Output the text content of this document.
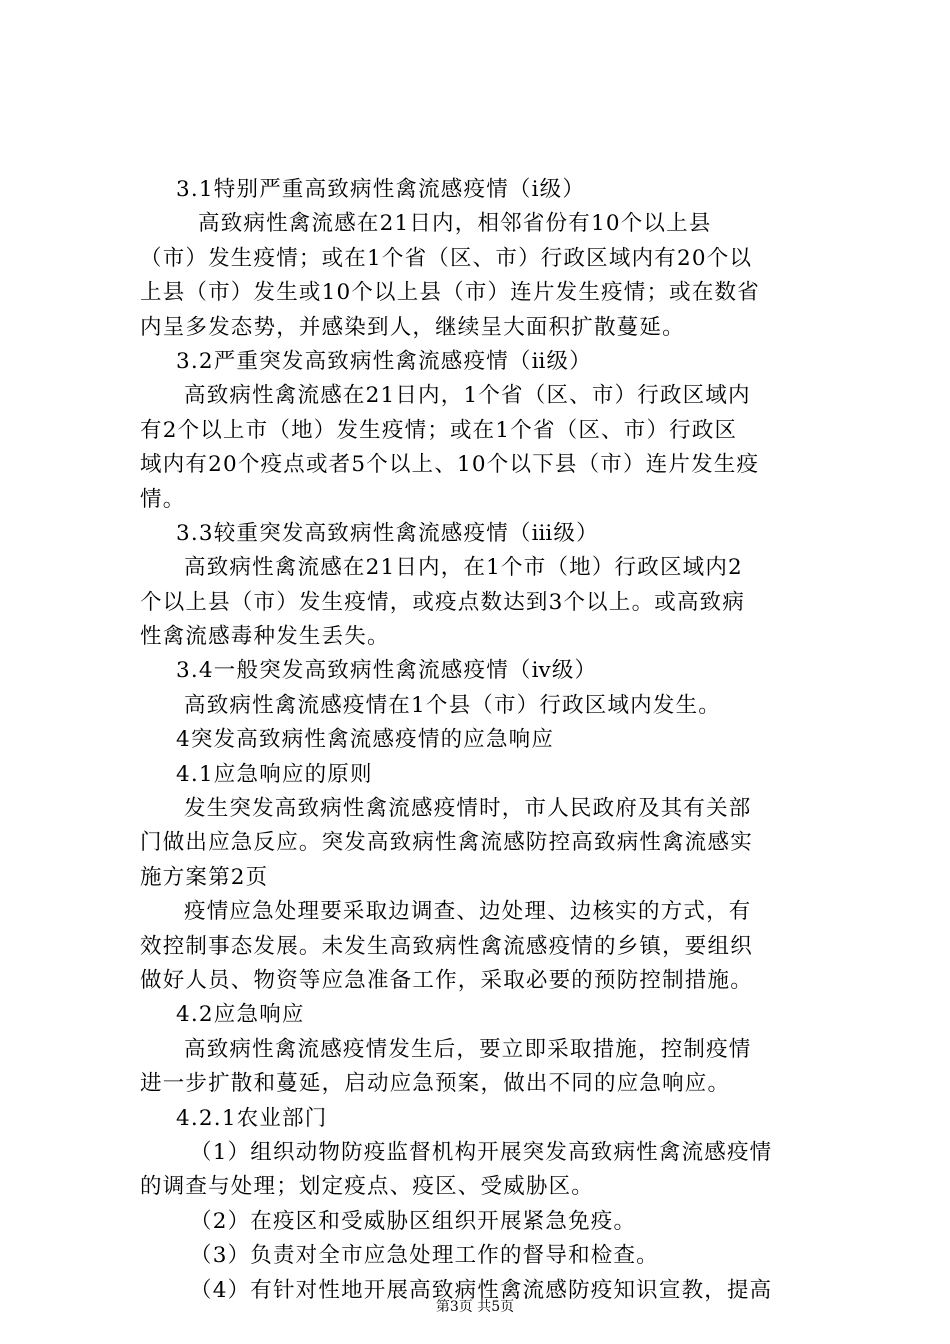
3.1特别严重高致病性禽流感疫情（ⅰ级）
高致病性禽流感在21日内，相邻省份有10个以上县
（市）发生疫情；或在1个省（区、市）行政区域内有20个以
上县（市）发生或10个以上县（市）连片发生疫情；或在数省
内呈多发态势，并感染到人，继续呈大面积扩散蔓延。
3.2严重突发高致病性禽流感疫情（ⅱ级）
高致病性禽流感在21日内，1个省（区、市）行政区域内
有2个以上市（地）发生疫情；或在1个省（区、市）行政区
域内有20个疫点或者5个以上、10个以下县（市）连片发生疫
情。
3.3较重突发高致病性禽流感疫情（ⅲ级）
高致病性禽流感在21日内，在1个市（地）行政区域内2
个以上县（市）发生疫情，或疫点数达到3个以上。或高致病
性禽流感毒种发生丢失。
3.4一般突发高致病性禽流感疫情（ⅳ级）
高致病性禽流感疫情在1个县（市）行政区域内发生。
4突发高致病性禽流感疫情的应急响应
4.1应急响应的原则
发生突发高致病性禽流感疫情时，市人民政府及其有关部
门做出应急反应。突发高致病性禽流感防控高致病性禽流感实
施方案第2页
疫情应急处理要采取边调查、边处理、边核实的方式，有
效控制事态发展。未发生高致病性禽流感疫情的乡镇，要组织
做好人员、物资等应急准备工作，采取必要的预防控制措施。
4.2应急响应
高致病性禽流感疫情发生后，要立即采取措施，控制疫情
进一步扩散和蔓延，启动应急预案，做出不同的应急响应。
4.2.1农业部门
（1）组织动物防疫监督机构开展突发高致病性禽流感疫情
的调查与处理；划定疫点、疫区、受威胁区。
（2）在疫区和受威胁区组织开展紧急免疫。
（3）负责对全市应急处理工作的督导和检查。
（4）有针对性地开展高致病性禽流感防疫知识宣教，提高
第3页 共5页
